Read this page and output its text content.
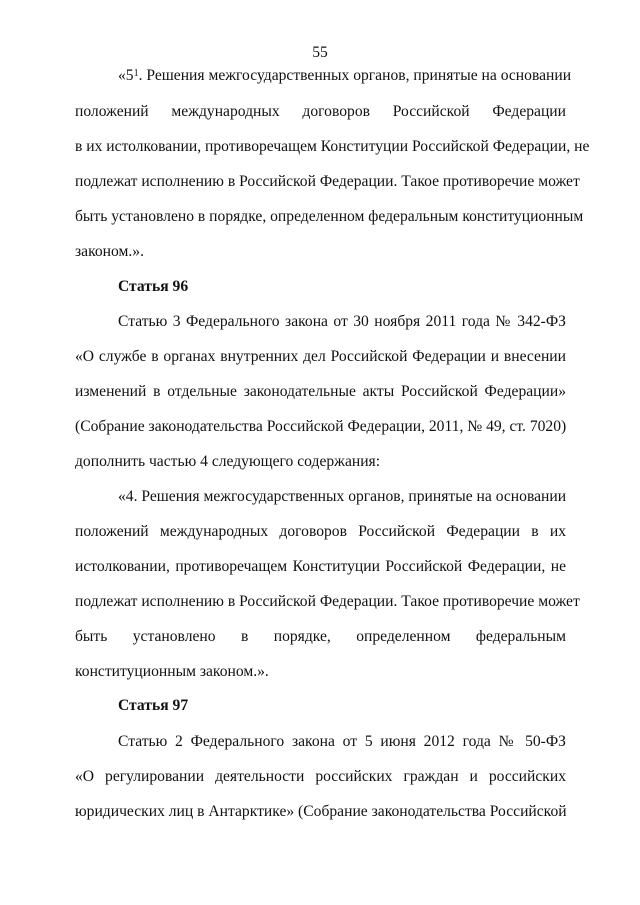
55
«$5^1$. Решения межгосударственных органов, принятые на основании
положений международных договоров Российской Федерации
в их истолковании, противоречащем Конституции Российской Федерации, не
подлежат исполнению в Российской Федерации. Такое противоречие может
быть установлено в порядке, определенном федеральным конституционным
законом.».
Статья 96
Статью 3 Федерального закона от 30 ноября 2011 года № 342-ФЗ
«О службе в органах внутренних дел Российской Федерации и внесении
изменений в отдельные законодательные акты Российской Федерации»
(Собрание законодательства Российской Федерации, 2011, № 49, ст. 7020)
дополнить частью 4 следующего содержания:
«4. Решения межгосударственных органов, принятые на основании
положений международных договоров Российской Федерации в их
истолковании, противоречащем Конституции Российской Федерации, не
подлежат исполнению в Российской Федерации. Такое противоречие может
быть установлено в порядке, определенном федеральным
конституционным законом.».
Статья 97
Статью 2 Федерального закона от 5 июня 2012 года № 50-ФЗ
«О регулировании деятельности российских граждан и российских
юридических лиц в Антарктике» (Собрание законодательства Российской
